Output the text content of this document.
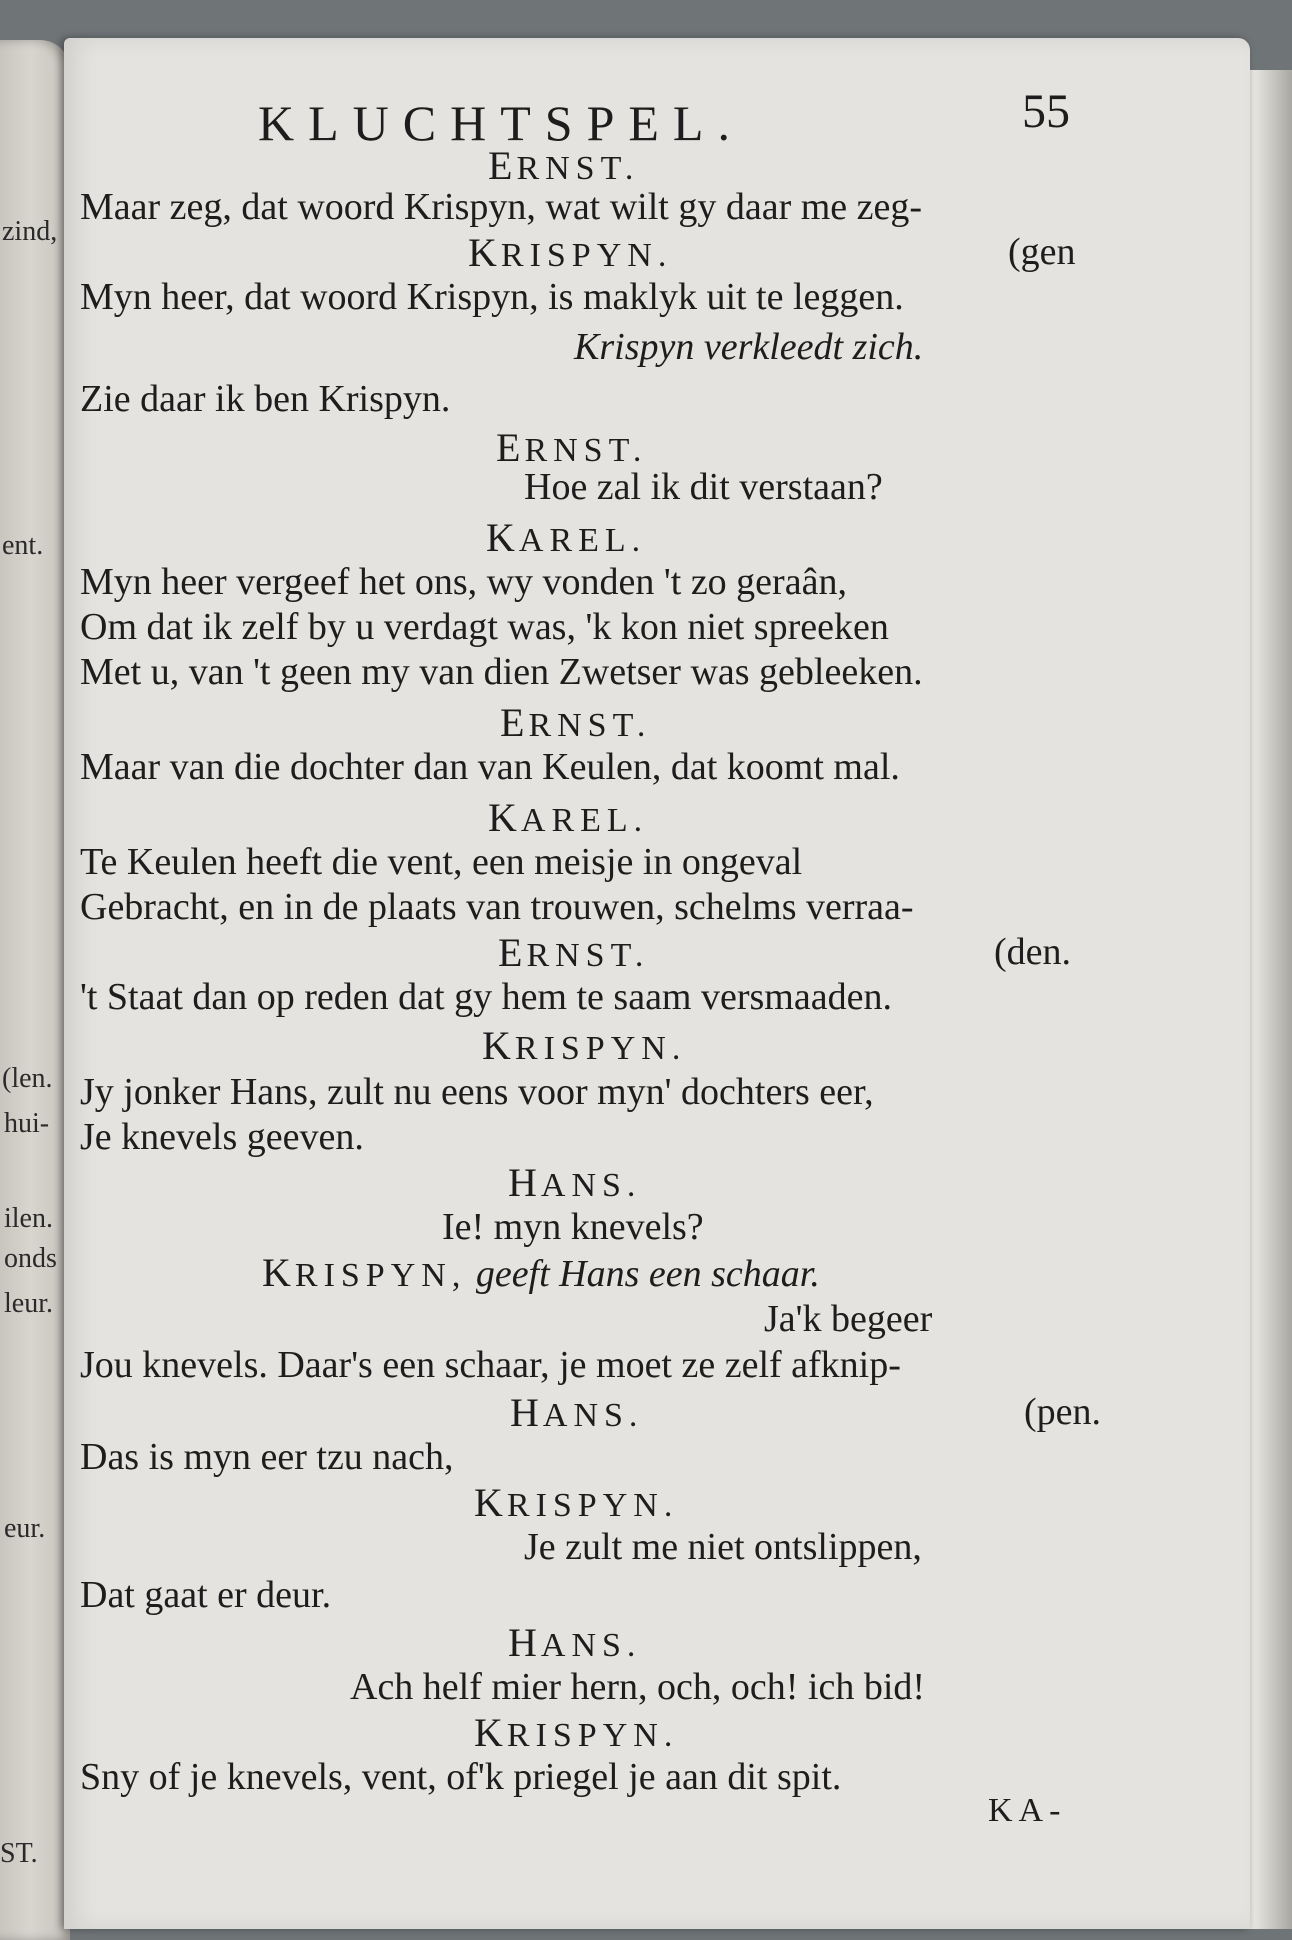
zind,
ent.
(len.
hui-
ilen.
onds
leur.
eur.
ST.
KLUCHTSPEL.	55
ERNST.
Maar zeg, dat woord Krispyn, wat wilt gy daar me zeg-
KRISPYN.	(gen
Myn heer, dat woord Krispyn, is maklyk uit te leggen.
Krispyn verkleedt zich.
Zie daar ik ben Krispyn.
ERNST.
Hoe zal ik dit verstaan?
KAREL.
Myn heer vergeef het ons, wy vonden 't zo geraân,
Om dat ik zelf by u verdagt was, 'k kon niet spreeken
Met u, van 't geen my van dien Zwetser was gebleeken.
ERNST.
Maar van die dochter dan van Keulen, dat koomt mal.
KAREL.
Te Keulen heeft die vent, een meisje in ongeval
Gebracht, en in de plaats van trouwen, schelms verraa-
ERNST.	(den.
't Staat dan op reden dat gy hem te saam versmaaden.
KRISPYN.
Jy jonker Hans, zult nu eens voor myn' dochters eer,
Je knevels geeven.
HANS.
Ie! myn knevels?
KRISPYN, geeft Hans een schaar.
Ja'k begeer
Jou knevels. Daar's een schaar, je moet ze zelf afknip-
HANS.	(pen.
Das is myn eer tzu nach,
KRISPYN.
Je zult me niet ontslippen,
Dat gaat er deur.
HANS.
Ach helf mier hern, och, och! ich bid!
KRISPYN.
Sny of je knevels, vent, of'k priegel je aan dit spit.
KA-
